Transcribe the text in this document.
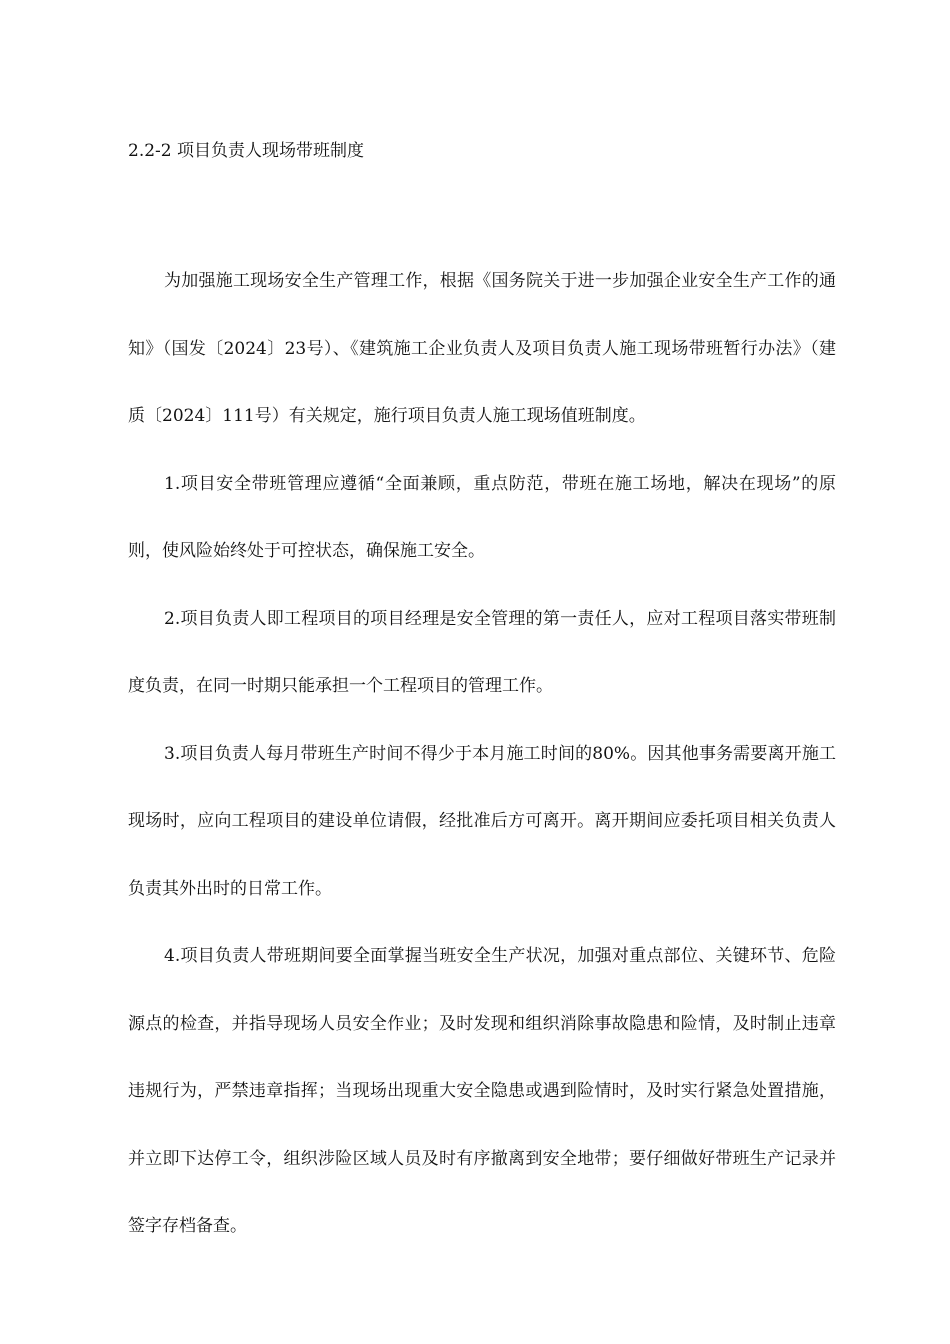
2.2-2 项目负责人现场带班制度

为加强施工现场安全生产管理工作，根据《国务院关于进一步加强企业安全生产工作的通知》（国发〔2024〕23号）、《建筑施工企业负责人及项目负责人施工现场带班暂行办法》（建质〔2024〕111号）有关规定，施行项目负责人施工现场值班制度。

1.项目安全带班管理应遵循“全面兼顾，重点防范，带班在施工场地，解决在现场”的原则，使风险始终处于可控状态，确保施工安全。

2.项目负责人即工程项目的项目经理是安全管理的第一责任人，应对工程项目落实带班制度负责，在同一时期只能承担一个工程项目的管理工作。

3.项目负责人每月带班生产时间不得少于本月施工时间的80%。因其他事务需要离开施工现场时，应向工程项目的建设单位请假，经批准后方可离开。离开期间应委托项目相关负责人负责其外出时的日常工作。

4.项目负责人带班期间要全面掌握当班安全生产状况，加强对重点部位、关键环节、危险源点的检查，并指导现场人员安全作业；及时发现和组织消除事故隐患和险情，及时制止违章违规行为，严禁违章指挥；当现场出现重大安全隐患或遇到险情时，及时实行紧急处置措施，并立即下达停工令，组织涉险区域人员及时有序撤离到安全地带；要仔细做好带班生产记录并签字存档备查。
